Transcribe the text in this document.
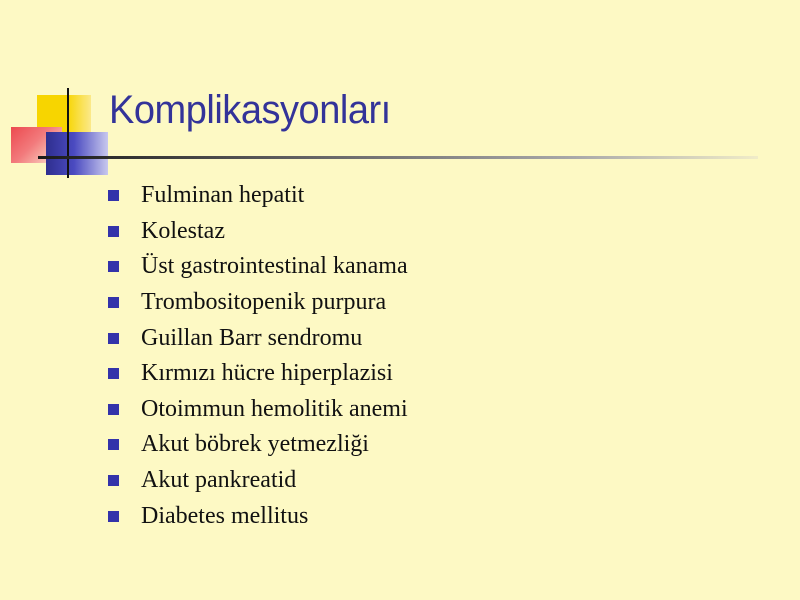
Komplikasyonları
Fulminan hepatit
Kolestaz
Üst gastrointestinal kanama
Trombositopenik purpura
Guillan Barr sendromu
Kırmızı hücre hiperplazisi
Otoimmun hemolitik anemi
Akut böbrek yetmezliği
Akut pankreatid
Diabetes mellitus
